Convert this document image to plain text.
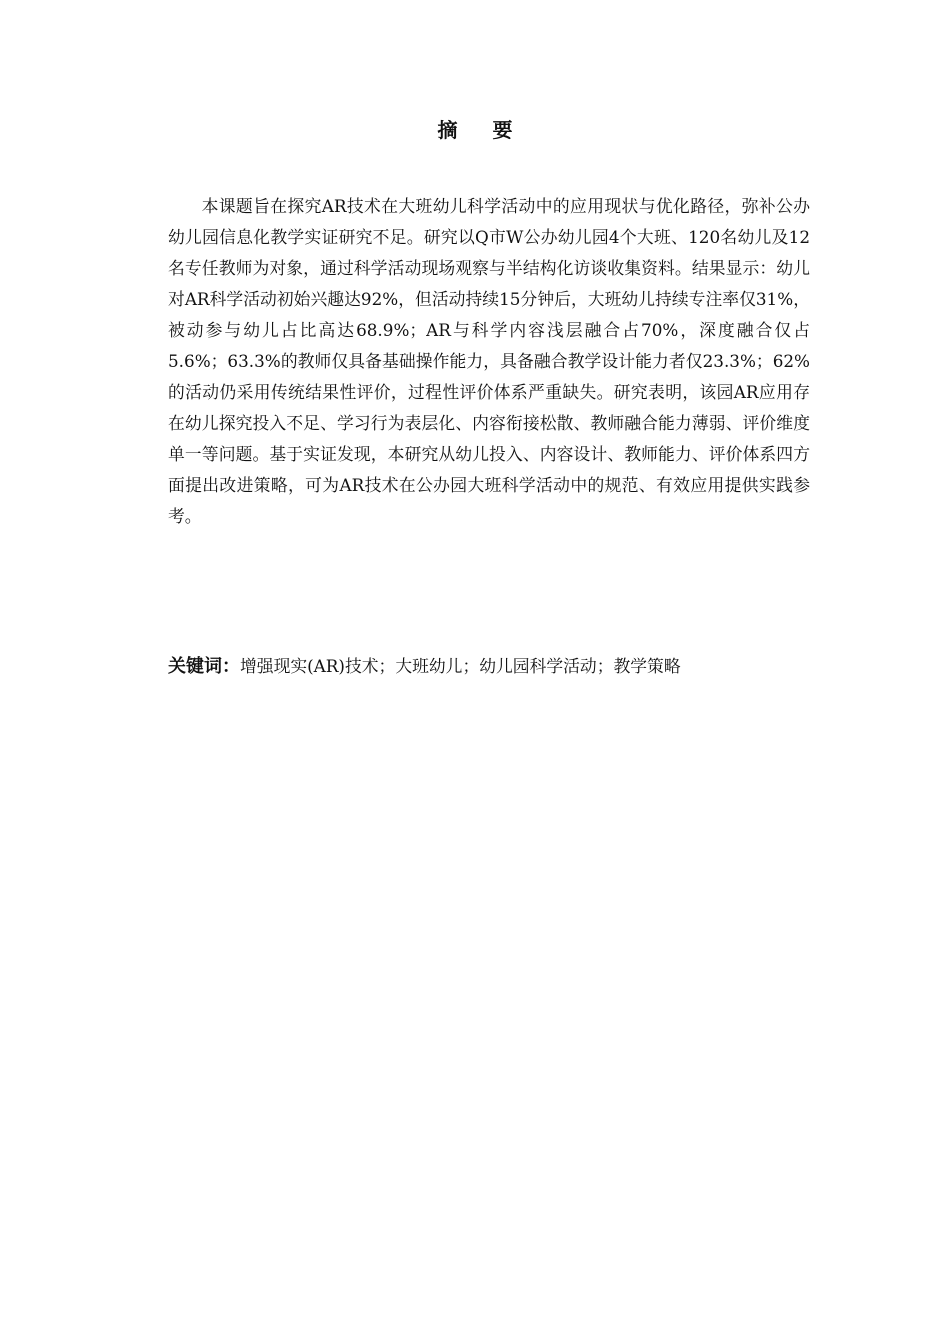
摘 要

本课题旨在探究AR技术在大班幼儿科学活动中的应用现状与优化路径，弥补公办幼儿园信息化教学实证研究不足。研究以Q市W公办幼儿园4个大班、120名幼儿及12名专任教师为对象，通过科学活动现场观察与半结构化访谈收集资料。结果显示：幼儿对AR科学活动初始兴趣达92%，但活动持续15分钟后，大班幼儿持续专注率仅31%，被动参与幼儿占比高达68.9%；AR与科学内容浅层融合占70%，深度融合仅占5.6%；63.3%的教师仅具备基础操作能力，具备融合教学设计能力者仅23.3%；62%的活动仍采用传统结果性评价，过程性评价体系严重缺失。研究表明，该园AR应用存在幼儿探究投入不足、学习行为表层化、内容衔接松散、教师融合能力薄弱、评价维度单一等问题。基于实证发现，本研究从幼儿投入、内容设计、教师能力、评价体系四方面提出改进策略，可为AR技术在公办园大班科学活动中的规范、有效应用提供实践参考。

关键词：增强现实(AR)技术；大班幼儿；幼儿园科学活动；教学策略
